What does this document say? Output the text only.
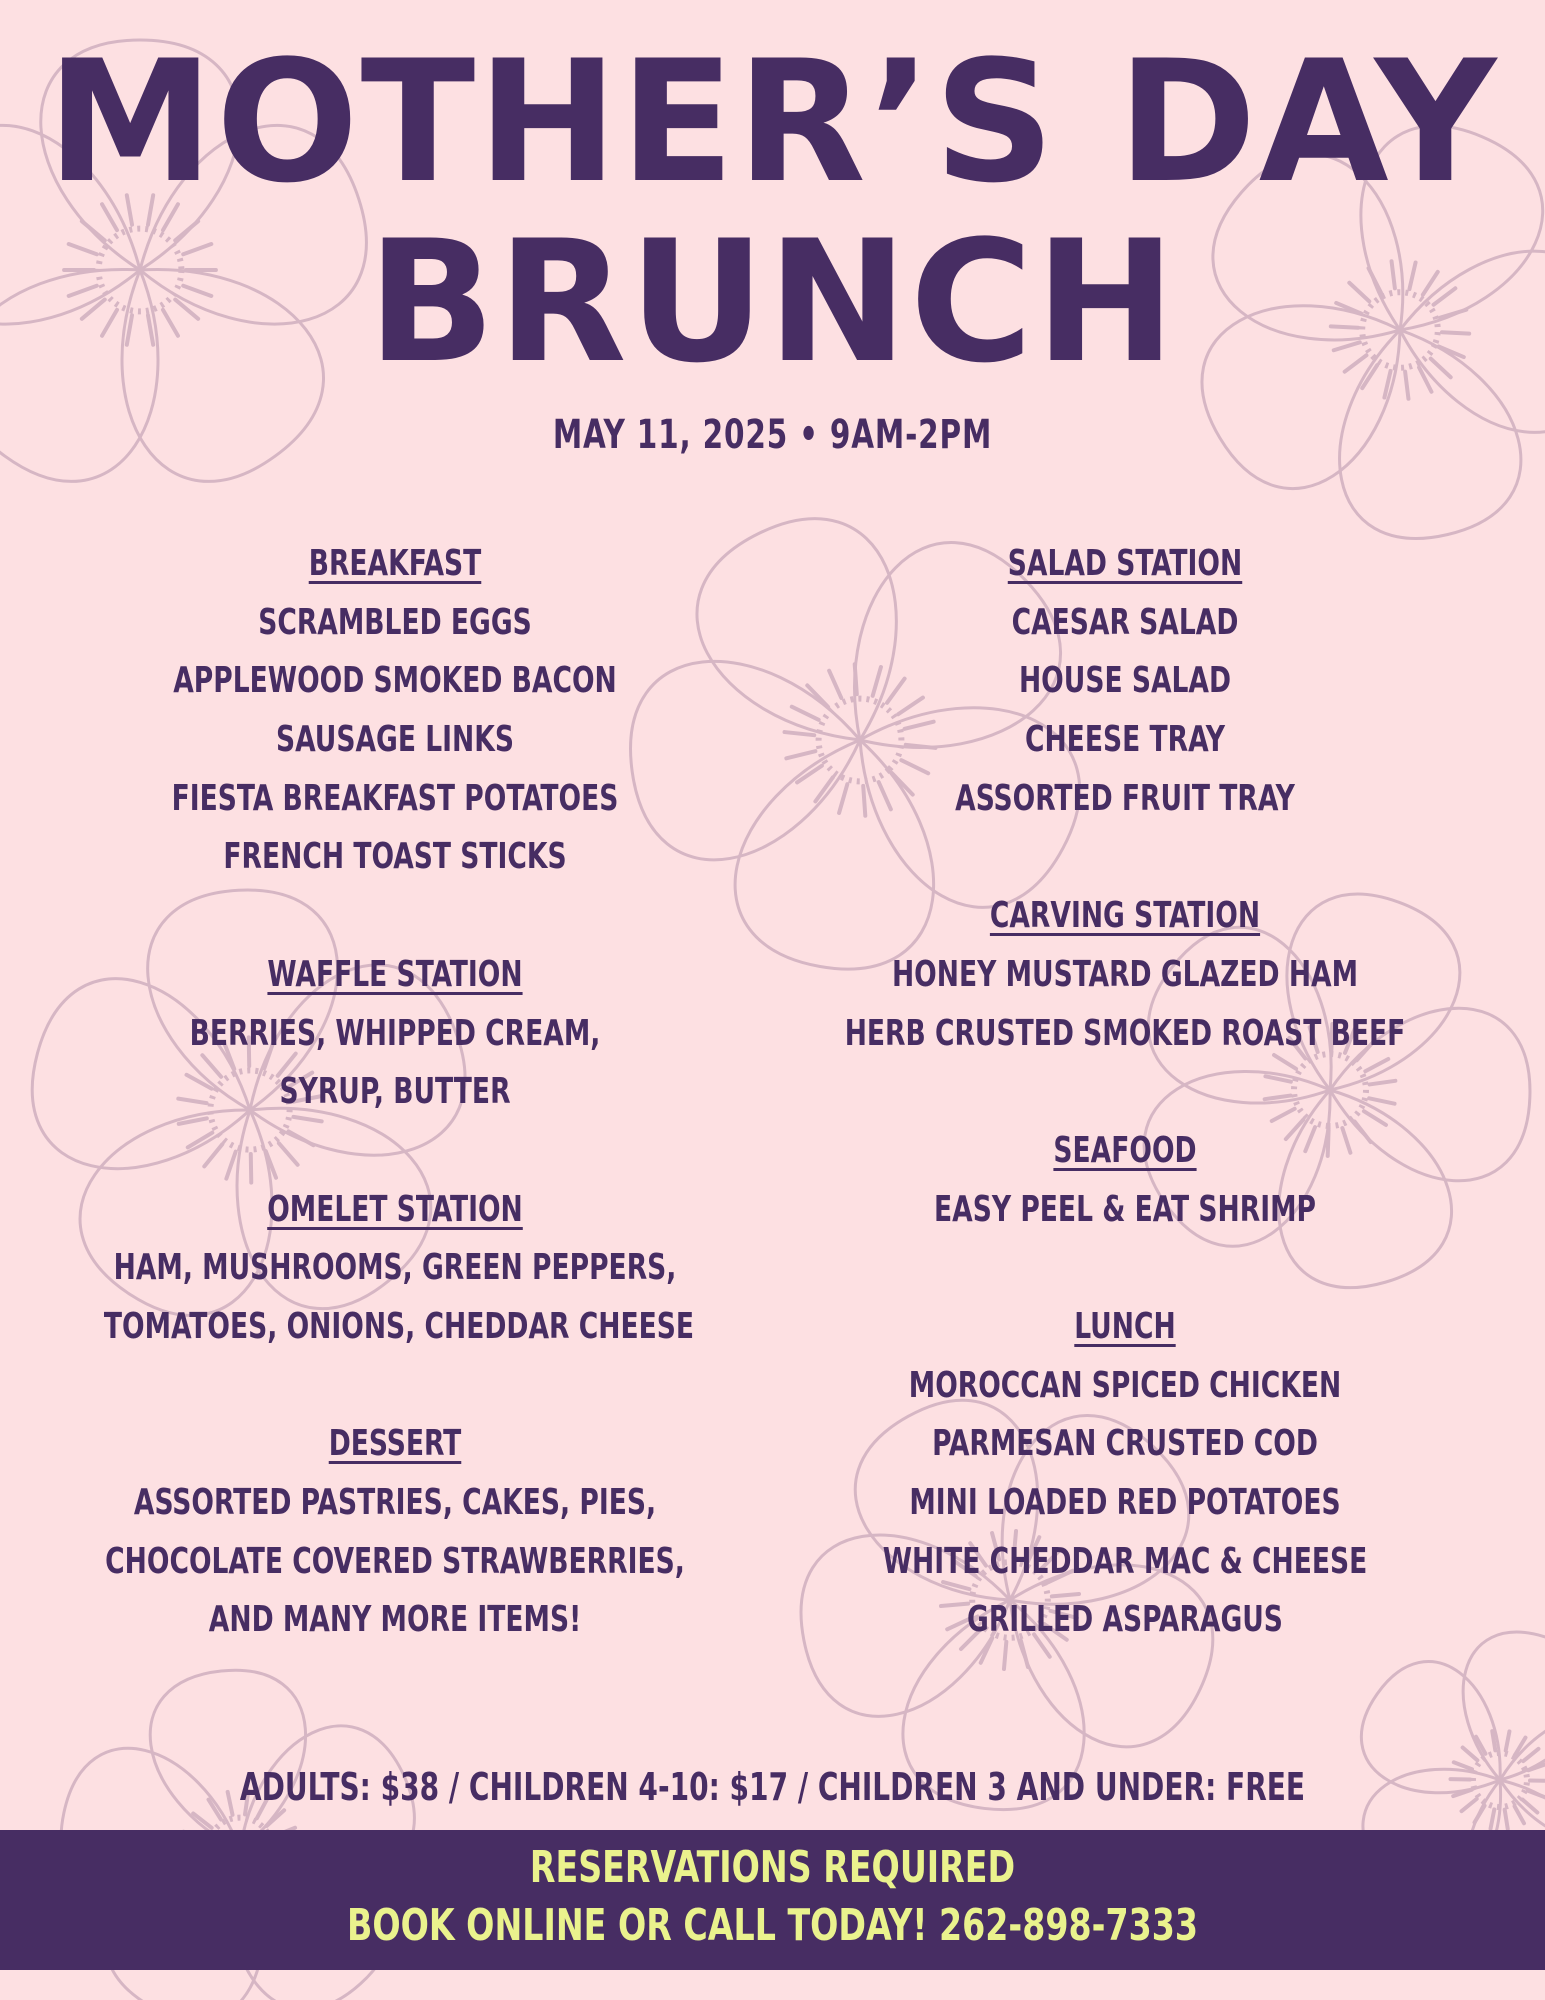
MOTHER’S DAY
BRUNCH
MAY 11, 2025 • 9AM-2PM
BREAKFAST
SCRAMBLED EGGS
APPLEWOOD SMOKED BACON
SAUSAGE LINKS
FIESTA BREAKFAST POTATOES
FRENCH TOAST STICKS
WAFFLE STATION
BERRIES, WHIPPED CREAM,
SYRUP, BUTTER
OMELET STATION
HAM, MUSHROOMS, GREEN PEPPERS,
TOMATOES, ONIONS, CHEDDAR CHEESE
DESSERT
ASSORTED PASTRIES, CAKES, PIES,
CHOCOLATE COVERED STRAWBERRIES,
AND MANY MORE ITEMS!
SALAD STATION
CAESAR SALAD
HOUSE SALAD
CHEESE TRAY
ASSORTED FRUIT TRAY
CARVING STATION
HONEY MUSTARD GLAZED HAM
HERB CRUSTED SMOKED ROAST BEEF
SEAFOOD
EASY PEEL & EAT SHRIMP
LUNCH
MOROCCAN SPICED CHICKEN
PARMESAN CRUSTED COD
MINI LOADED RED POTATOES
WHITE CHEDDAR MAC & CHEESE
GRILLED ASPARAGUS
ADULTS: $38 / CHILDREN 4-10: $17 / CHILDREN 3 AND UNDER: FREE
RESERVATIONS REQUIRED
BOOK ONLINE OR CALL TODAY! 262-898-7333
